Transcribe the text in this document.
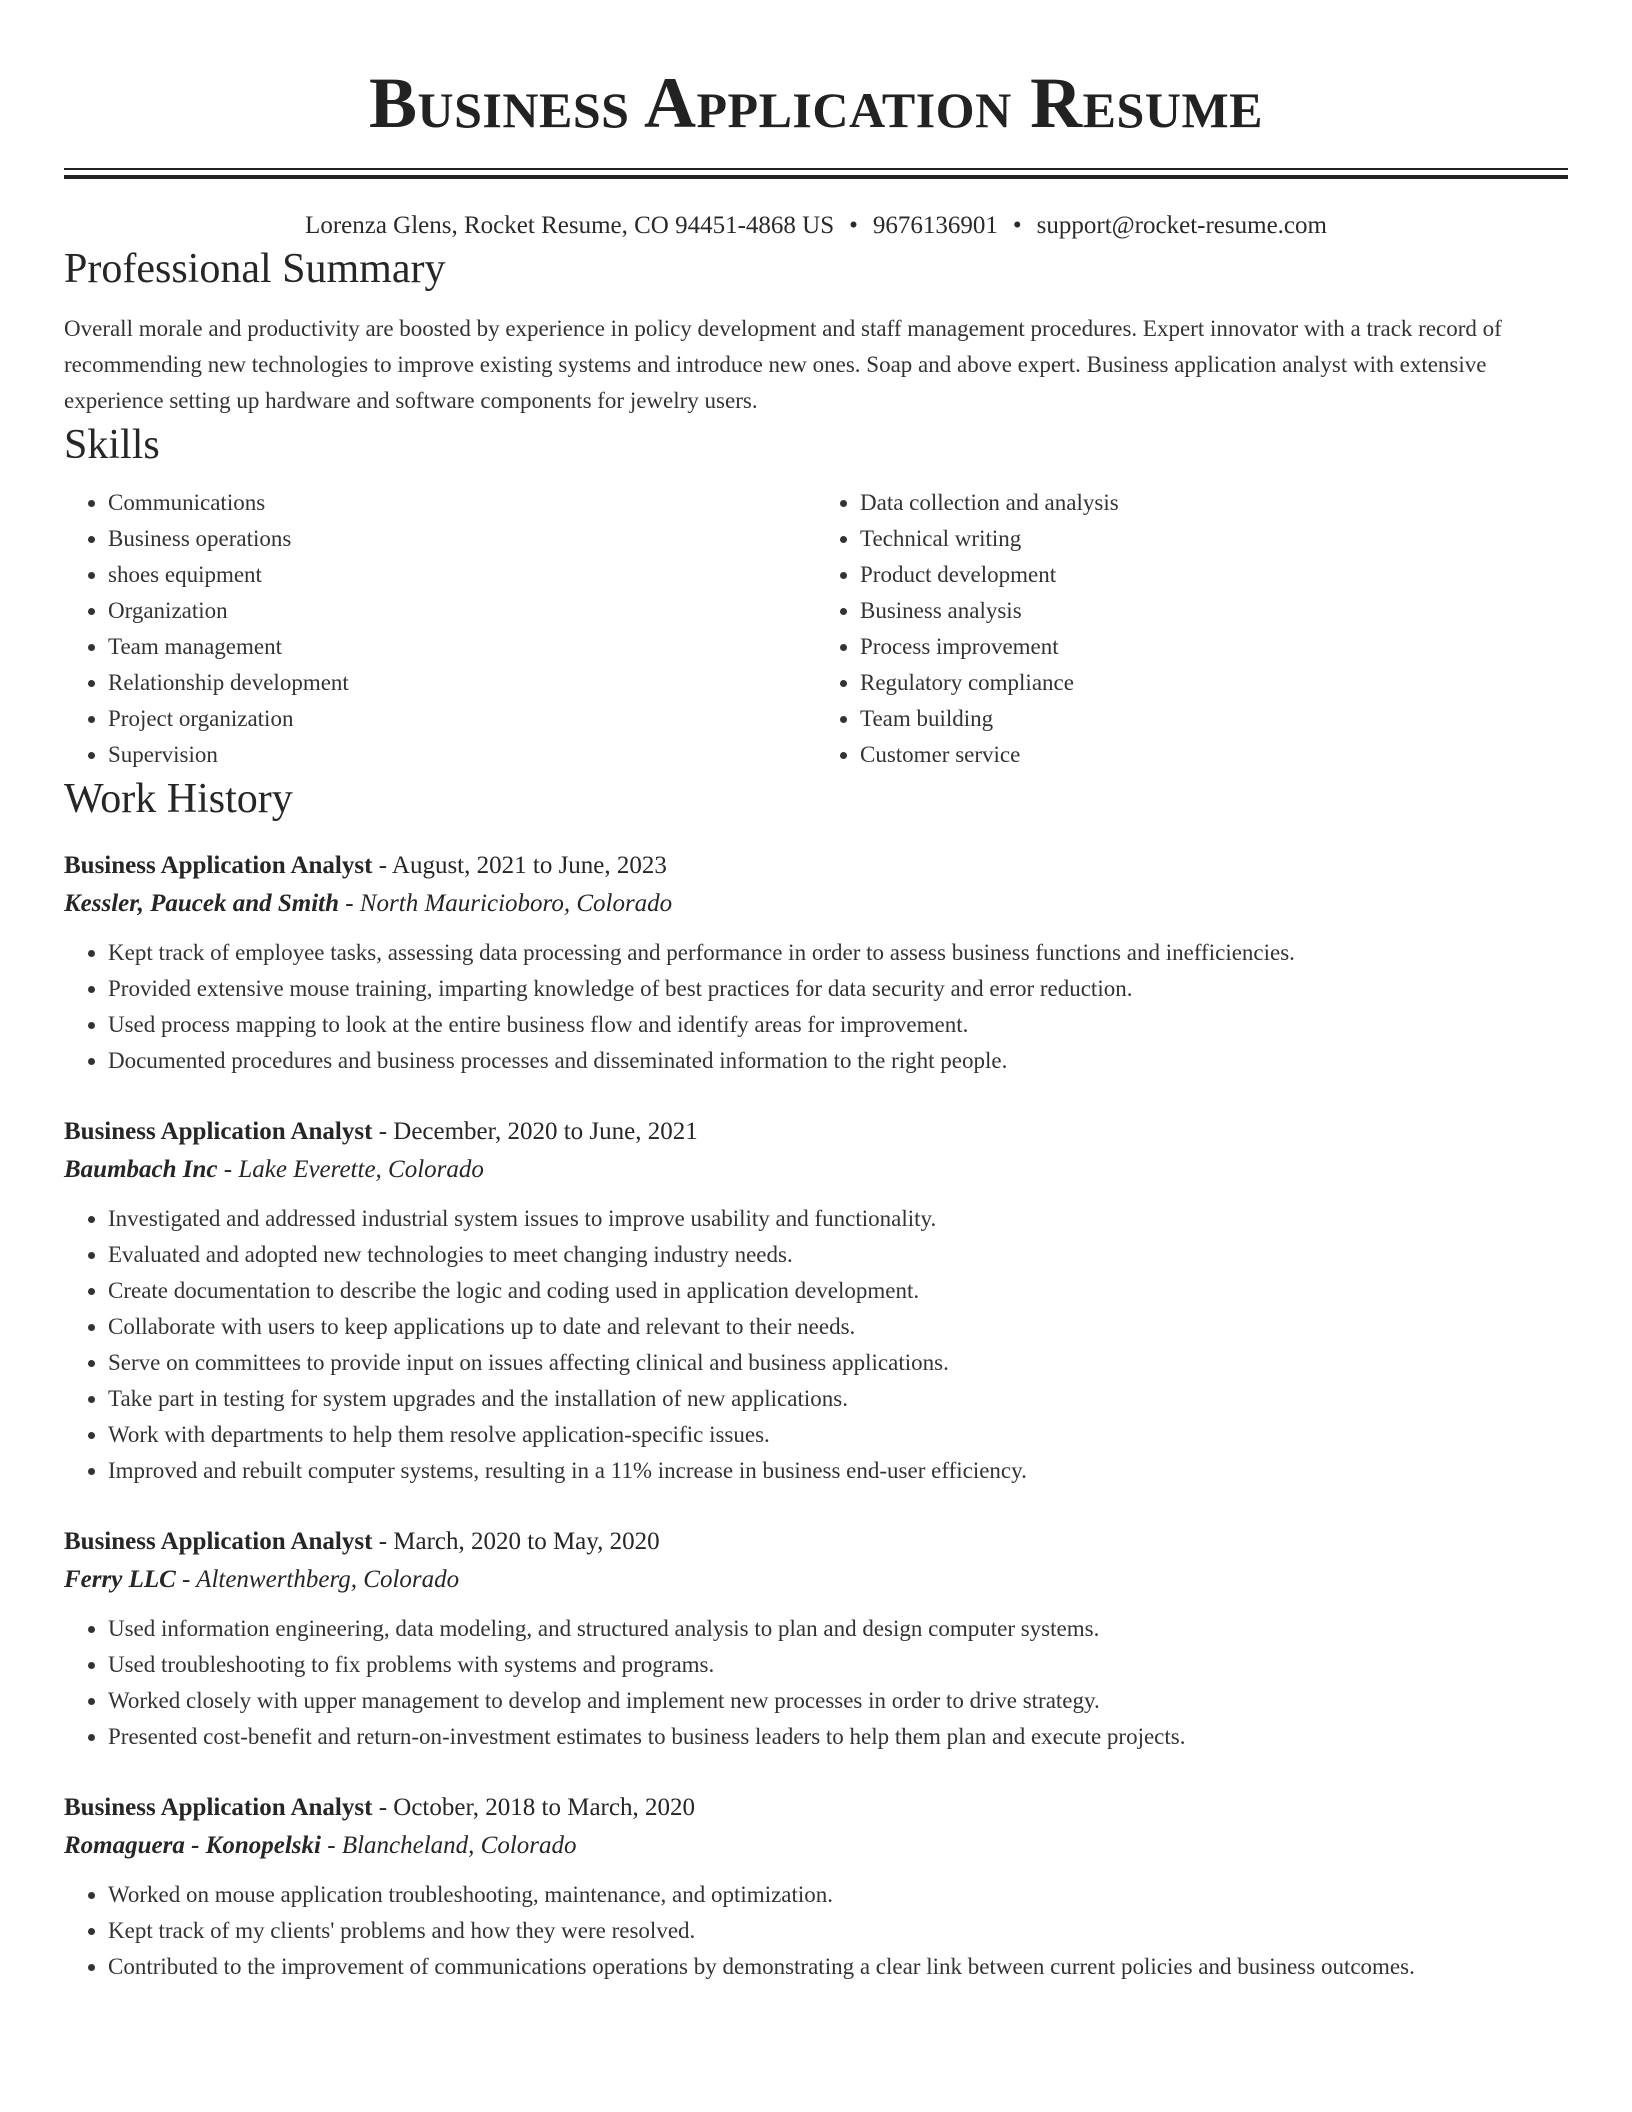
Business Application Resume
Lorenza Glens, Rocket Resume, CO 94451-4868 US • 9676136901 • support@rocket-resume.com
Professional Summary

Overall morale and productivity are boosted by experience in policy development and staff management procedures. Expert innovator with a track record of recommending new technologies to improve existing systems and introduce new ones. Soap and above expert. Business application analyst with extensive experience setting up hardware and software components for jewelry users.

Skills
• Communications
• Business operations
• shoes equipment
• Organization
• Team management
• Relationship development
• Project organization
• Supervision
• Data collection and analysis
• Technical writing
• Product development
• Business analysis
• Process improvement
• Regulatory compliance
• Team building
• Customer service
Work History
Business Application Analyst - August, 2021 to June, 2023
Kessler, Paucek and Smith - North Mauricioboro, Colorado
• Kept track of employee tasks, assessing data processing and performance in order to assess business functions and inefficiencies.
• Provided extensive mouse training, imparting knowledge of best practices for data security and error reduction.
• Used process mapping to look at the entire business flow and identify areas for improvement.
• Documented procedures and business processes and disseminated information to the right people.
Business Application Analyst - December, 2020 to June, 2021
Baumbach Inc - Lake Everette, Colorado
• Investigated and addressed industrial system issues to improve usability and functionality.
• Evaluated and adopted new technologies to meet changing industry needs.
• Create documentation to describe the logic and coding used in application development.
• Collaborate with users to keep applications up to date and relevant to their needs.
• Serve on committees to provide input on issues affecting clinical and business applications.
• Take part in testing for system upgrades and the installation of new applications.
• Work with departments to help them resolve application-specific issues.
• Improved and rebuilt computer systems, resulting in a 11% increase in business end-user efficiency.
Business Application Analyst - March, 2020 to May, 2020
Ferry LLC - Altenwerthberg, Colorado
• Used information engineering, data modeling, and structured analysis to plan and design computer systems.
• Used troubleshooting to fix problems with systems and programs.
• Worked closely with upper management to develop and implement new processes in order to drive strategy.
• Presented cost-benefit and return-on-investment estimates to business leaders to help them plan and execute projects.
Business Application Analyst - October, 2018 to March, 2020
Romaguera - Konopelski - Blancheland, Colorado
• Worked on mouse application troubleshooting, maintenance, and optimization.
• Kept track of my clients' problems and how they were resolved.
• Contributed to the improvement of communications operations by demonstrating a clear link between current policies and business outcomes.
